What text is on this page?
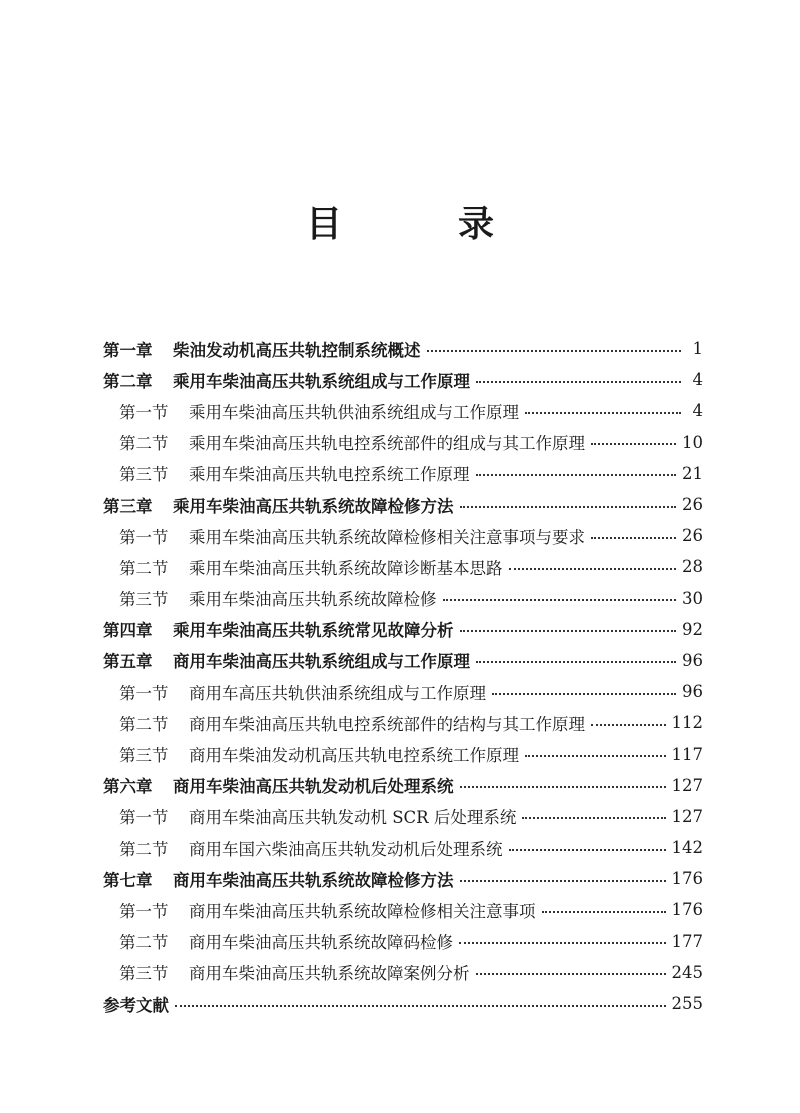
目　录
第一章	柴油发动机高压共轨控制系统概述	1
第二章	乘用车柴油高压共轨系统组成与工作原理	4
第一节	乘用车柴油高压共轨供油系统组成与工作原理	4
第二节	乘用车柴油高压共轨电控系统部件的组成与其工作原理	10
第三节	乘用车柴油高压共轨电控系统工作原理	21
第三章	乘用车柴油高压共轨系统故障检修方法	26
第一节	乘用车柴油高压共轨系统故障检修相关注意事项与要求	26
第二节	乘用车柴油高压共轨系统故障诊断基本思路	28
第三节	乘用车柴油高压共轨系统故障检修	30
第四章	乘用车柴油高压共轨系统常见故障分析	92
第五章	商用车柴油高压共轨系统组成与工作原理	96
第一节	商用车高压共轨供油系统组成与工作原理	96
第二节	商用车柴油高压共轨电控系统部件的结构与其工作原理	112
第三节	商用车柴油发动机高压共轨电控系统工作原理	117
第六章	商用车柴油高压共轨发动机后处理系统	127
第一节	商用车柴油高压共轨发动机 SCR 后处理系统	127
第二节	商用车国六柴油高压共轨发动机后处理系统	142
第七章	商用车柴油高压共轨系统故障检修方法	176
第一节	商用车柴油高压共轨系统故障检修相关注意事项	176
第二节	商用车柴油高压共轨系统故障码检修	177
第三节	商用车柴油高压共轨系统故障案例分析	245
参考文献	255
